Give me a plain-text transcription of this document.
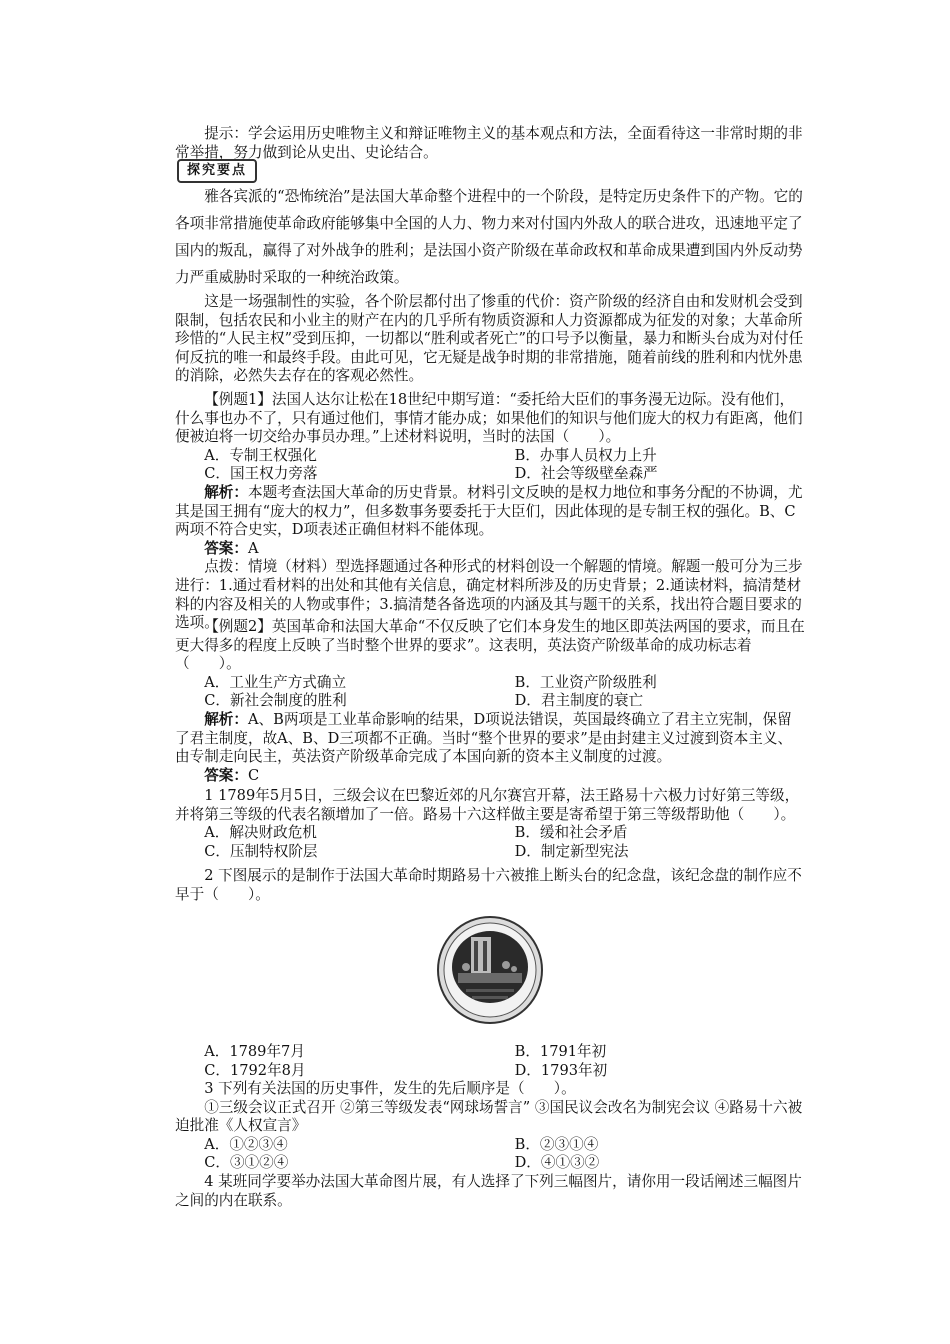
提示：学会运用历史唯物主义和辩证唯物主义的基本观点和方法，全面看待这一非常时期的非常举措，努力做到论从史出、史论结合。

探究要点

雅各宾派的“恐怖统治”是法国大革命整个进程中的一个阶段，是特定历史条件下的产物。它的各项非常措施使革命政府能够集中全国的人力、物力来对付国内外敌人的联合进攻，迅速地平定了国内的叛乱，赢得了对外战争的胜利；是法国小资产阶级在革命政权和革命成果遭到国内外反动势力严重威胁时采取的一种统治政策。

这是一场强制性的实验，各个阶层都付出了惨重的代价：资产阶级的经济自由和发财机会受到限制，包括农民和小业主的财产在内的几乎所有物质资源和人力资源都成为征发的对象；大革命所珍惜的“人民主权”受到压抑，一切都以“胜利或者死亡”的口号予以衡量，暴力和断头台成为对付任何反抗的唯一和最终手段。由此可见，它无疑是战争时期的非常措施，随着前线的胜利和内忧外患的消除，必然失去存在的客观必然性。

【例题1】法国人达尔让松在18世纪中期写道：“委托给大臣们的事务漫无边际。没有他们，什么事也办不了，只有通过他们，事情才能办成；如果他们的知识与他们庞大的权力有距离，他们便被迫将一切交给办事员办理。”上述材料说明，当时的法国（　　）。

A．专制王权强化	B．办事人员权力上升
C．国王权力旁落	D．社会等级壁垒森严

解析：本题考查法国大革命的历史背景。材料引文反映的是权力地位和事务分配的不协调，尤其是国王拥有“庞大的权力”，但多数事务要委托于大臣们，因此体现的是专制王权的强化。B、C两项不符合史实，D项表述正确但材料不能体现。

答案：A

点拨：情境（材料）型选择题通过各种形式的材料创设一个解题的情境。解题一般可分为三步进行：1.通过看材料的出处和其他有关信息，确定材料所涉及的历史背景；2.通读材料，搞清楚材料的内容及相关的人物或事件；3.搞清楚各备选项的内涵及其与题干的关系，找出符合题目要求的选项。

【例题2】英国革命和法国大革命“不仅反映了它们本身发生的地区即英法两国的要求，而且在更大得多的程度上反映了当时整个世界的要求”。这表明，英法资产阶级革命的成功标志着（　　）。

A．工业生产方式确立	B．工业资产阶级胜利
C．新社会制度的胜利	D．君主制度的衰亡

解析：A、B两项是工业革命影响的结果，D项说法错误，英国最终确立了君主立宪制，保留了君主制度，故A、B、D三项都不正确。当时“整个世界的要求”是由封建主义过渡到资本主义、由专制走向民主，英法资产阶级革命完成了本国向新的资本主义制度的过渡。

答案：C

1 1789年5月5日，三级会议在巴黎近郊的凡尔赛宫开幕，法王路易十六极力讨好第三等级，并将第三等级的代表名额增加了一倍。路易十六这样做主要是寄希望于第三等级帮助他（　　）。

A．解决财政危机	B．缓和社会矛盾
C．压制特权阶层	D．制定新型宪法

2 下图展示的是制作于法国大革命时期路易十六被推上断头台的纪念盘，该纪念盘的制作应不早于（　　）。

A．1789年7月	B．1791年初
C．1792年8月	D．1793年初

3 下列有关法国的历史事件，发生的先后顺序是（　　）。

①三级会议正式召开 ②第三等级发表“网球场誓言” ③国民议会改名为制宪会议 ④路易十六被迫批准《人权宣言》

A．①②③④	B．②③①④
C．③①②④	D．④①③②

4 某班同学要举办法国大革命图片展，有人选择了下列三幅图片，请你用一段话阐述三幅图片之间的内在联系。
